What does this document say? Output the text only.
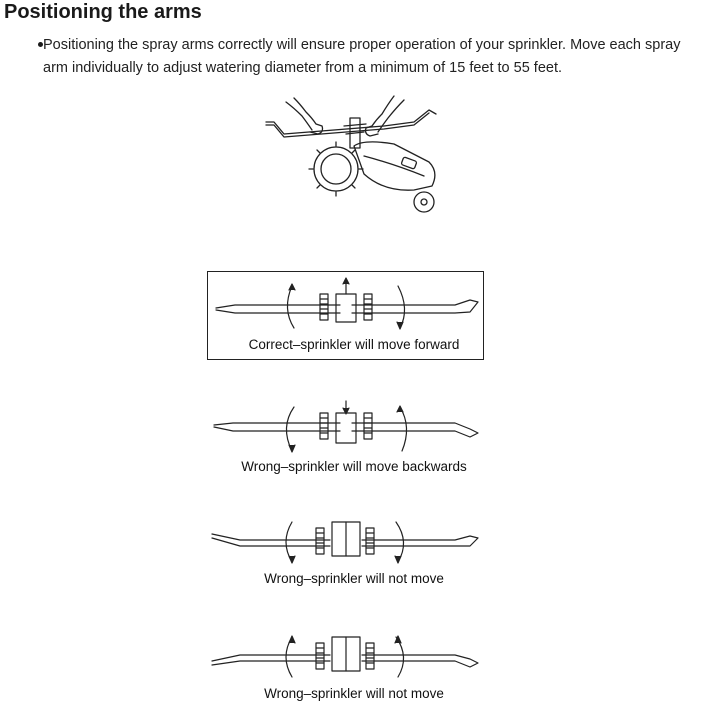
Positioning the arms
Positioning the spray arms correctly will ensure proper operation of your sprinkler. Move each spray arm individually to adjust watering diameter from a minimum of 15 feet to 55 feet.
Correct–sprinkler will move forward
Wrong–sprinkler will move backwards
Wrong–sprinkler will not move
Wrong–sprinkler will not move
